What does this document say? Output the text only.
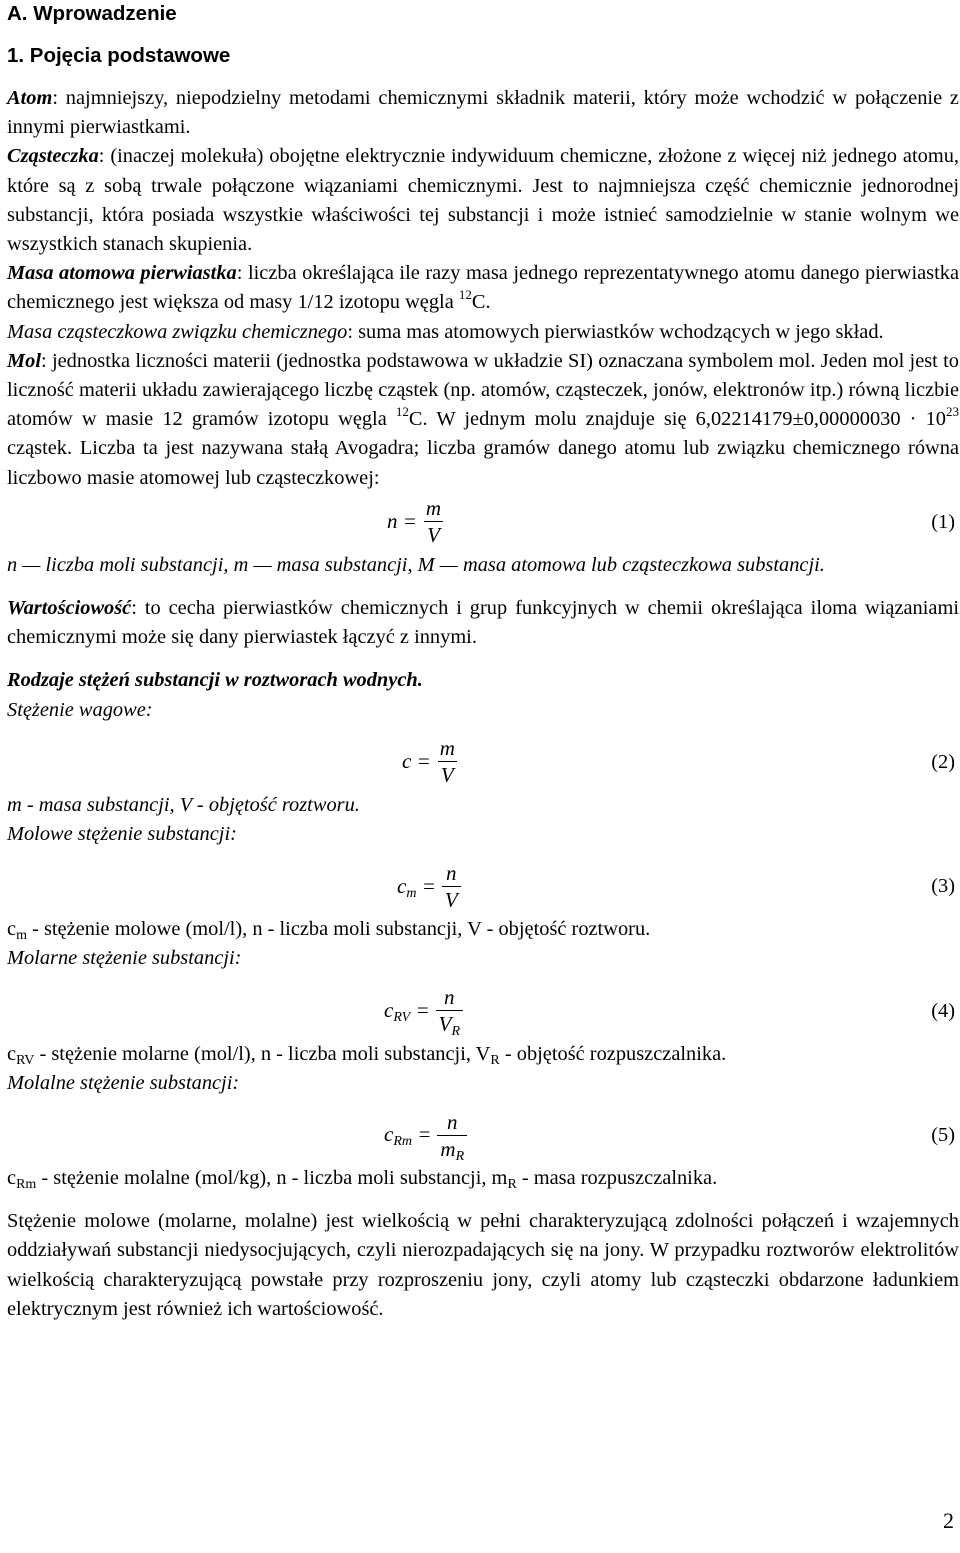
A. Wprowadzenie
1. Pojęcia podstawowe

Atom: najmniejszy, niepodzielny metodami chemicznymi składnik materii, który może wchodzić w połączenie z innymi pierwiastkami.

Cząsteczka: (inaczej molekuła) obojętne elektrycznie indywiduum chemiczne, złożone z więcej niż jednego atomu, które są z sobą trwale połączone wiązaniami chemicznymi. Jest to najmniejsza część chemicznie jednorodnej substancji, która posiada wszystkie właściwości tej substancji i może istnieć samodzielnie w stanie wolnym we wszystkich stanach skupienia.

Masa atomowa pierwiastka: liczba określająca ile razy masa jednego reprezentatywnego atomu danego pierwiastka chemicznego jest większa od masy 1/12 izotopu węgla $^{12}$C.

Masa cząsteczkowa związku chemicznego: suma mas atomowych pierwiastków wchodzących w jego skład.

Mol: jednostka liczności materii (jednostka podstawowa w układzie SI) oznaczana symbolem mol. Jeden mol jest to liczność materii układu zawierającego liczbę cząstek (np. atomów, cząsteczek, jonów, elektronów itp.) równą liczbie atomów w masie 12 gramów izotopu węgla $^{12}$C. W jednym molu znajduje się $6,02214179\pm 0,00000030 \cdot 10^{23}$ cząstek. Liczba ta jest nazywana stałą Avogadra; liczba gramów danego atomu lub związku chemicznego równa liczbowo masie atomowej lub cząsteczkowej:

$n = \frac{m}{V}$	(1)

n — liczba moli substancji, m — masa substancji, M — masa atomowa lub cząsteczkowa substancji.

Wartościowość: to cecha pierwiastków chemicznych i grup funkcyjnych w chemii określająca iloma wiązaniami chemicznymi może się dany pierwiastek łączyć z innymi.

Rodzaje stężeń substancji w roztworach wodnych.

Stężenie wagowe:

$c = \frac{m}{V}$	(2)

m - masa substancji, V - objętość roztworu.

Molowe stężenie substancji:

$c_m = \frac{n}{V}$	(3)

$c_m$ - stężenie molowe (mol/l), n - liczba moli substancji, V - objętość roztworu.

Molarne stężenie substancji:

$c_{RV} = \frac{n}{V_R}$	(4)

$c_{RV}$ - stężenie molarne (mol/l), n - liczba moli substancji, $V_R$ - objętość rozpuszczalnika.

Molalne stężenie substancji:

$c_{Rm} = \frac{n}{m_R}$	(5)

$c_{Rm}$ - stężenie molalne (mol/kg), n - liczba moli substancji, $m_R$ - masa rozpuszczalnika.

Stężenie molowe (molarne, molalne) jest wielkością w pełni charakteryzującą zdolności połączeń i wzajemnych oddziaływań substancji niedysocjujących, czyli nierozpadających się na jony. W przypadku roztworów elektrolitów wielkością charakteryzującą powstałe przy rozproszeniu jony, czyli atomy lub cząsteczki obdarzone ładunkiem elektrycznym jest również ich wartościowość.

2
